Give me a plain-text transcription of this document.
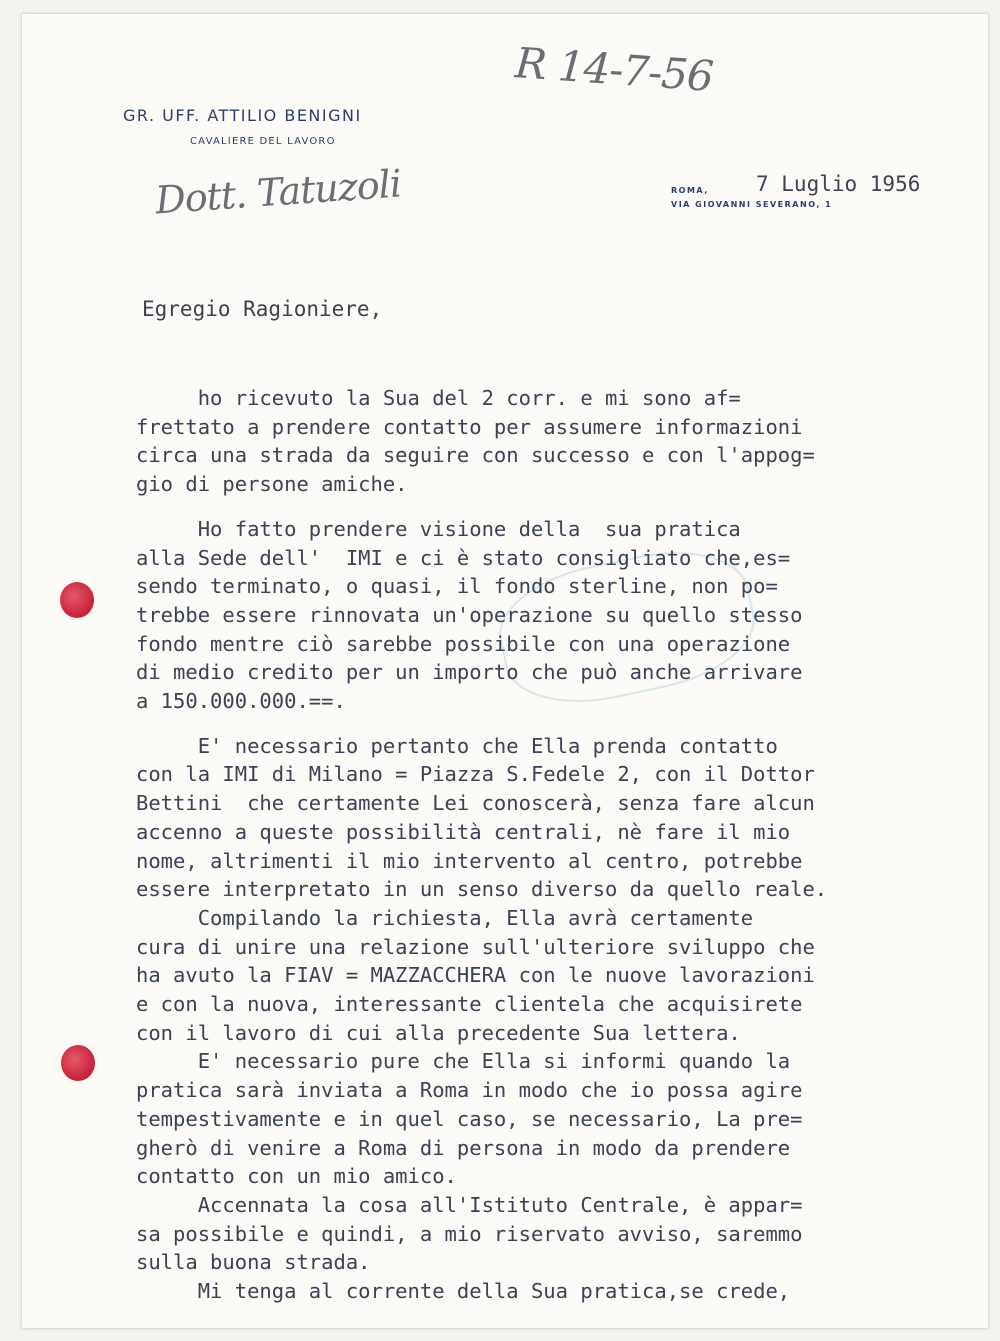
GR. UFF. ATTILIO BENIGNI
CAVALIERE DEL LAVORO
R 14-7-56
Dott. Tatuzoli	ROMA, 7 Luglio 1956
VIA GIOVANNI SEVERANO, 1
Egregio Ragioniere,

ho ricevuto la Sua del 2 corr. e mi sono af=
frettato a prendere contatto per assumere informazioni
circa una strada da seguire con successo e con l'appog=
gio di persone amiche.

Ho fatto prendere visione della  sua pratica
alla Sede dell'  IMI e ci è stato consigliato che,es=
sendo terminato, o quasi, il fondo sterline, non po=
trebbe essere rinnovata un'operazione su quello stesso
fondo mentre ciò sarebbe possibile con una operazione
di medio credito per un importo che può anche arrivare
a 150.000.000.==.

E' necessario pertanto che Ella prenda contatto
con la IMI di Milano = Piazza S.Fedele 2, con il Dottor
Bettini  che certamente Lei conoscerà, senza fare alcun
accenno a queste possibilità centrali, nè fare il mio
nome, altrimenti il mio intervento al centro, potrebbe
essere interpretato in un senso diverso da quello reale.
Compilando la richiesta, Ella avrà certamente
cura di unire una relazione sull'ulteriore sviluppo che
ha avuto la FIAV = MAZZACCHERA con le nuove lavorazioni
e con la nuova, interessante clientela che acquisirete
con il lavoro di cui alla precedente Sua lettera.
E' necessario pure che Ella si informi quando la
pratica sarà inviata a Roma in modo che io possa agire
tempestivamente e in quel caso, se necessario, La pre=
gherò di venire a Roma di persona in modo da prendere
contatto con un mio amico.
Accennata la cosa all'Istituto Centrale, è appar=
sa possibile e quindi, a mio riservato avviso, saremmo
sulla buona strada.
Mi tenga al corrente della Sua pratica,se crede,
